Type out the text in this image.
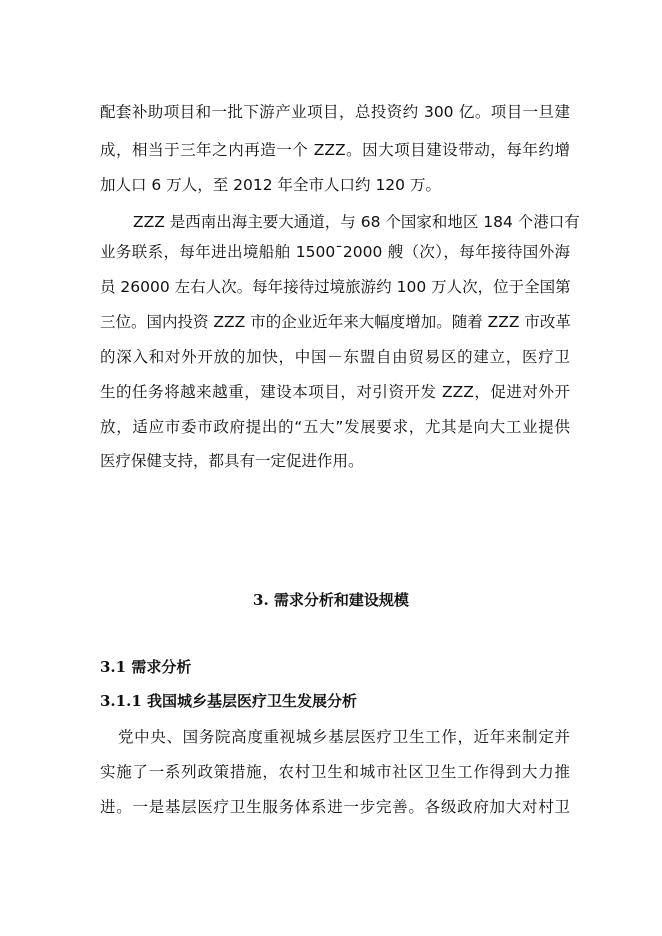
配套补助项目和一批下游产业项目，总投资约 300 亿。项目一旦建
成，相当于三年之内再造一个 ZZZ。因大项目建设带动，每年约增
加人口 6 万人，至 2012 年全市人口约 120 万。
ZZZ 是西南出海主要大通道，与 68 个国家和地区 184 个港口有
业务联系，每年进出境船舶 1500¯2000 艘（次），每年接待国外海
员 26000 左右人次。每年接待过境旅游约 100 万人次，位于全国第
三位。国内投资 ZZZ 市的企业近年来大幅度增加。随着 ZZZ 市改革
的深入和对外开放的加快，中国－东盟自由贸易区的建立，医疗卫
生的任务将越来越重，建设本项目，对引资开发 ZZZ，促进对外开
放，适应市委市政府提出的“五大”发展要求，尤其是向大工业提供
医疗保健支持，都具有一定促进作用。
3. 需求分析和建设规模
3.1 需求分析
3.1.1 我国城乡基层医疗卫生发展分析
党中央、国务院高度重视城乡基层医疗卫生工作，近年来制定并
实施了一系列政策措施，农村卫生和城市社区卫生工作得到大力推
进。一是基层医疗卫生服务体系进一步完善。各级政府加大对村卫
